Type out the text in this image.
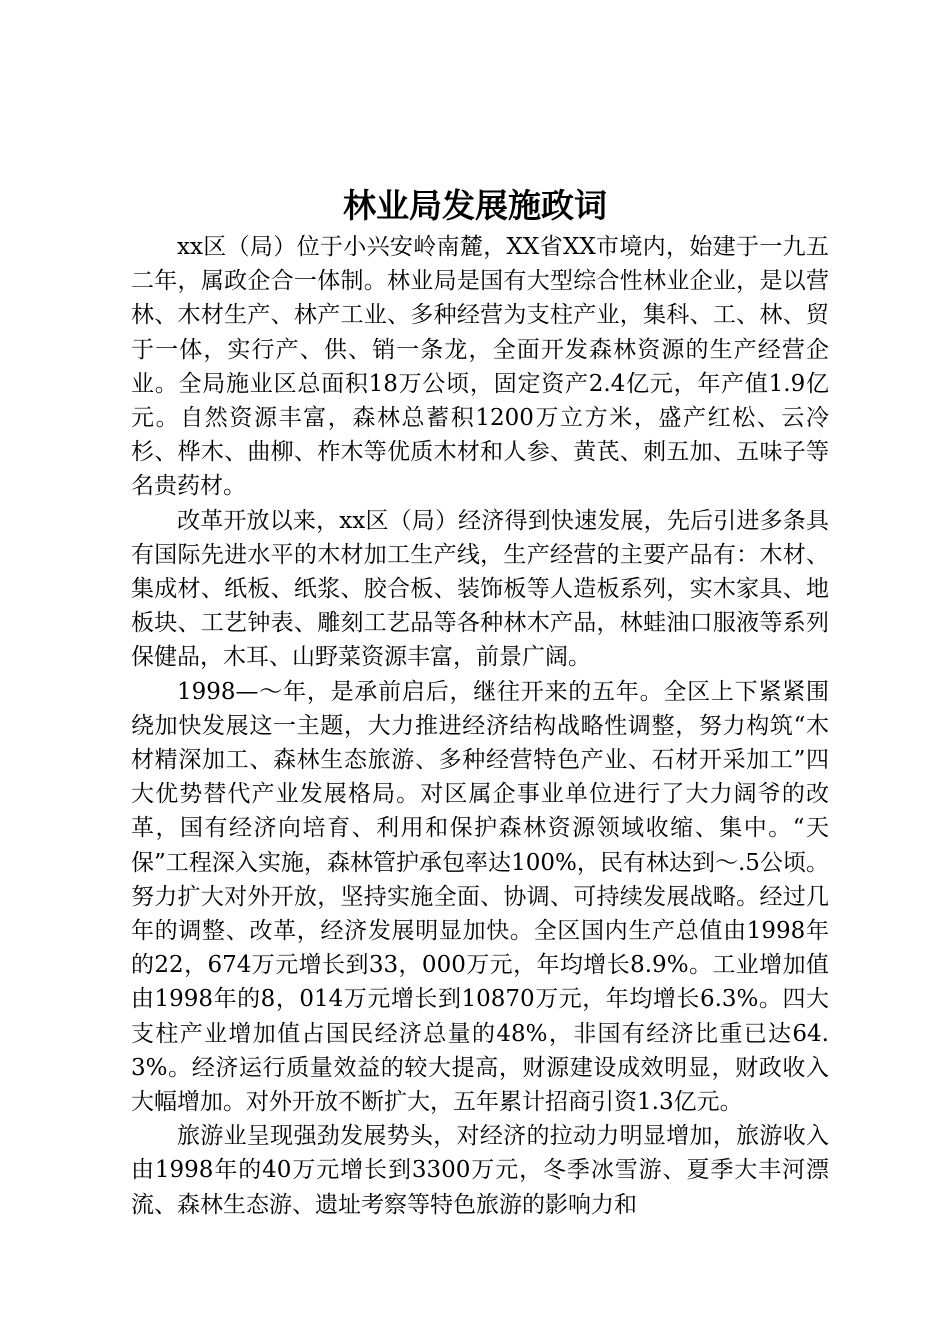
林业局发展施政词

xx区（局）位于小兴安岭南麓，XX省XX市境内，始建于一九五二年，属政企合一体制。林业局是国有大型综合性林业企业，是以营林、木材生产、林产工业、多种经营为支柱产业，集科、工、林、贸于一体，实行产、供、销一条龙，全面开发森林资源的生产经营企业。全局施业区总面积18万公顷，固定资产2.4亿元，年产值1.9亿元。自然资源丰富，森林总蓄积1200万立方米，盛产红松、云冷杉、桦木、曲柳、柞木等优质木材和人参、黄芪、刺五加、五味子等名贵药材。

改革开放以来，xx区（局）经济得到快速发展，先后引进多条具有国际先进水平的木材加工生产线，生产经营的主要产品有：木材、集成材、纸板、纸浆、胶合板、装饰板等人造板系列，实木家具、地板块、工艺钟表、雕刻工艺品等各种林木产品，林蛙油口服液等系列保健品，木耳、山野菜资源丰富，前景广阔。

1998—～年，是承前启后，继往开来的五年。全区上下紧紧围绕加快发展这一主题，大力推进经济结构战略性调整，努力构筑“木材精深加工、森林生态旅游、多种经营特色产业、石材开采加工”四大优势替代产业发展格局。对区属企事业单位进行了大力阔爷的改革，国有经济向培育、利用和保护森林资源领域收缩、集中。“天保”工程深入实施，森林管护承包率达100%，民有林达到～.5公顷。努力扩大对外开放，坚持实施全面、协调、可持续发展战略。经过几年的调整、改革，经济发展明显加快。全区国内生产总值由1998年的22，674万元增长到33，000万元，年均增长8.9%。工业增加值由1998年的8，014万元增长到10870万元，年均增长6.3%。四大支柱产业增加值占国民经济总量的48%，非国有经济比重已达64.3%。经济运行质量效益的较大提高，财源建设成效明显，财政收入大幅增加。对外开放不断扩大，五年累计招商引资1.3亿元。

旅游业呈现强劲发展势头，对经济的拉动力明显增加，旅游收入由1998年的40万元增长到3300万元，冬季冰雪游、夏季大丰河漂流、森林生态游、遗址考察等特色旅游的影响力和
